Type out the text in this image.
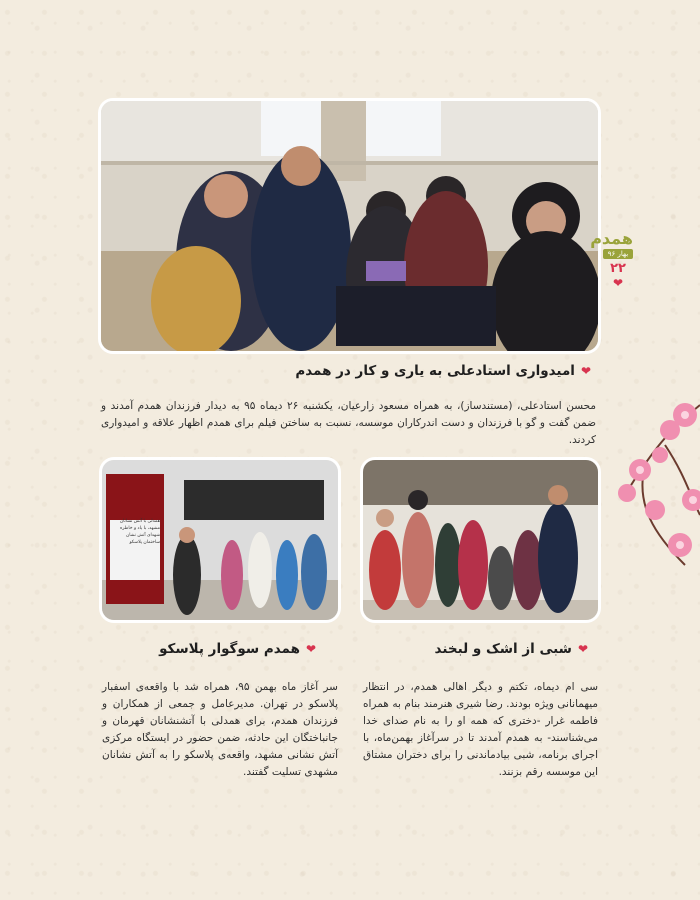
❤
امیدواری استادعلی به یاری و کار در همدم

محسن استادعلی، (مستندساز)، به همراه مسعود زارعیان، یکشنبه ۲۶ دیماه ۹۵ به دیدار فرزندان همدم آمدند و ضمن گفت و گو با فرزندان و دست اندرکاران موسسه، نسبت به ساختن فیلم برای همدم اظهار علاقه و امیدواری کردند.

همدلی با آتش نشانان
مشهد، با یاد و خاطره
شهدای آتش نشان
ساختمان پلاسکو
❤
شبی از اشک و لبخند

سی ام دیماه، تکتم و دیگر اهالی همدم، در انتظار میهمانانی ویژه بودند. رضا شیری هنرمند بنام به همراه فاطمه غرار -دختری که همه او را به نام صدای خدا می‌شناسند- به همدم آمدند تا در سرآغاز بهمن‌ماه، با اجرای برنامه، شبی بیادماندنی را برای دختران مشتاق این موسسه رقم بزنند.

❤
همدم سوگوار پلاسکو

سر آغاز ماه بهمن ۹۵، همراه شد با واقعه‌ی اسفبار پلاسکو در تهران. مدیرعامل و جمعی از همکاران و فرزندان همدم، برای همدلی با آتشنشانان قهرمان و جانباختگان این حادثه، ضمن حضور در ایستگاه مرکزی آتش نشانی مشهد، واقعه‌ی پلاسکو را به آتش نشانان مشهدی تسلیت گفتند.

همدم
بهار ۹۶
۲۲
❤
